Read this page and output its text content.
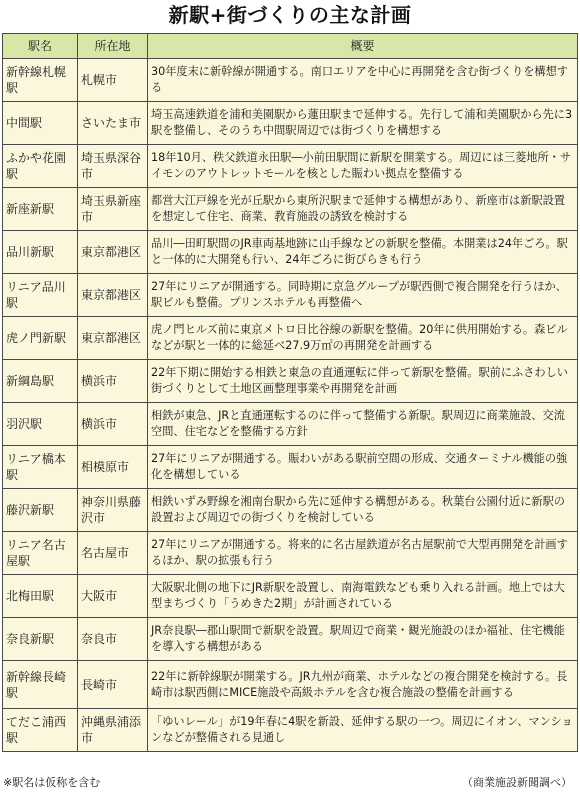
新駅+街づくりの主な計画
駅名	所在地	概要
新幹線札幌駅	札幌市	30年度末に新幹線が開通する。南口エリアを中心に再開発を含む街づくりを構想する
中間駅	さいたま市	埼玉高速鉄道を浦和美園駅から蓮田駅まで延伸する。先行して浦和美園駅から先に3駅を整備し、そのうち中間駅周辺では街づくりを構想する
ふかや花園駅	埼玉県深谷市	18年10月、秩父鉄道永田駅―小前田駅間に新駅を開業する。周辺には三菱地所・サイモンのアウトレットモールを核とした賑わい拠点を整備する
新座新駅	埼玉県新座市	都営大江戸線を光が丘駅から東所沢駅まで延伸する構想があり、新座市は新駅設置を想定して住宅、商業、教育施設の誘致を検討する
品川新駅	東京都港区	品川―田町駅間のJR車両基地跡に山手線などの新駅を整備。本開業は24年ごろ。駅と一体的に大開発も行い、24年ごろに街びらきも行う
リニア品川駅	東京都港区	27年にリニアが開通する。同時期に京急グループが駅西側で複合開発を行うほか、駅ビルも整備。プリンスホテルも再整備へ
虎ノ門新駅	東京都港区	虎ノ門ヒルズ前に東京メトロ日比谷線の新駅を整備。20年に供用開始する。森ビルなどが駅と一体的に総延べ27.9万㎡の再開発を計画する
新綱島駅	横浜市	22年下期に開始する相鉄と東急の直通運転に伴って新駅を整備。駅前にふさわしい街づくりとして土地区画整理事業や再開発を計画
羽沢駅	横浜市	相鉄が東急、JRと直通運転するのに伴って整備する新駅。駅周辺に商業施設、交流空間、住宅などを整備する方針
リニア橋本駅	相模原市	27年にリニアが開通する。賑わいがある駅前空間の形成、交通ターミナル機能の強化を構想している
藤沢新駅	神奈川県藤沢市	相鉄いずみ野線を湘南台駅から先に延伸する構想がある。秋葉台公園付近に新駅の設置および周辺での街づくりを検討している
リニア名古屋駅	名古屋市	27年にリニアが開通する。将来的に名古屋鉄道が名古屋駅前で大型再開発を計画するほか、駅の拡張も行う
北梅田駅	大阪市	大阪駅北側の地下にJR新駅を設置し、南海電鉄なども乗り入れる計画。地上では大型まちづくり「うめきた2期」が計画されている
奈良新駅	奈良市	JR奈良駅―郡山駅間で新駅を設置。駅周辺で商業・観光施設のほか福祉、住宅機能を導入する構想がある
新幹線長崎駅	長崎市	22年に新幹線駅が開業する。JR九州が商業、ホテルなどの複合開発を検討する。長崎市は駅西側にMICE施設や高級ホテルを含む複合施設の整備を計画する
てだこ浦西駅	沖縄県浦添市	「ゆいレール」が19年春に4駅を新設、延伸する駅の一つ。周辺にイオン、マンションなどが整備される見通し
※駅名は仮称を含む	（商業施設新聞調べ）
